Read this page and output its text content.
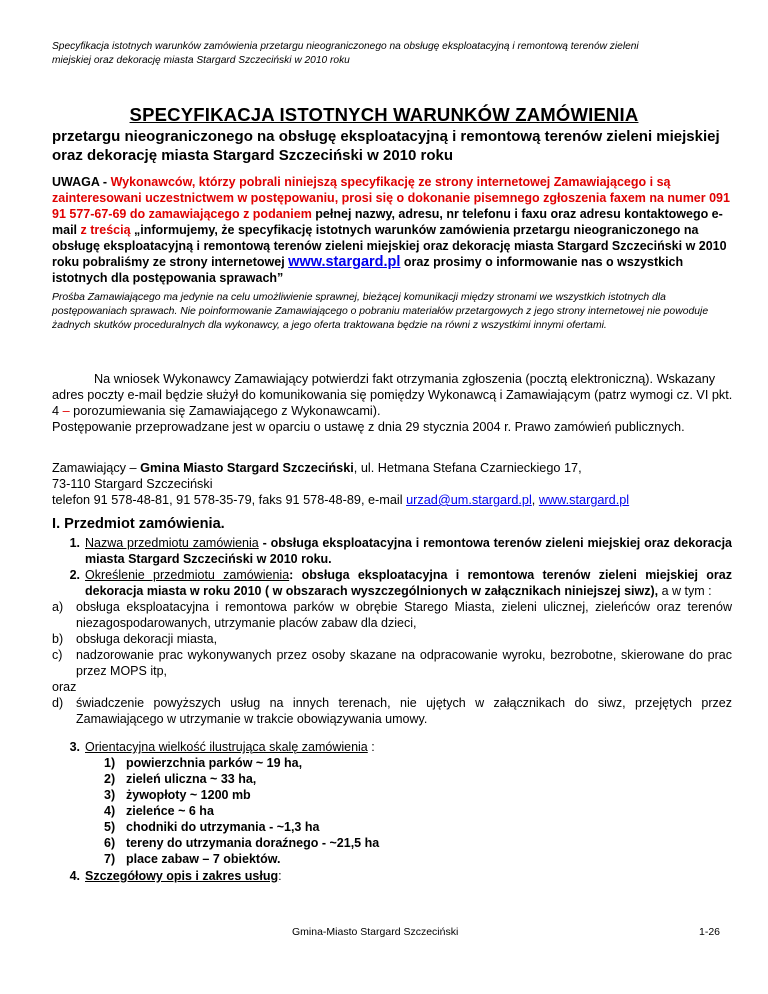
Specyfikacja istotnych warunków zamówienia przetargu nieograniczonego na obsługę eksploatacyjną i remontową terenów zieleni
miejskiej oraz dekorację miasta Stargard Szczeciński w 2010 roku
SPECYFIKACJA ISTOTNYCH WARUNKÓW ZAMÓWIENIA
przetargu nieograniczonego na obsługę eksploatacyjną i remontową terenów zieleni miejskiej oraz dekorację miasta Stargard Szczeciński w 2010 roku
UWAGA - Wykonawców, którzy pobrali niniejszą specyfikację ze strony internetowej Zamawiającego i są zainteresowani uczestnictwem w postępowaniu, prosi się o dokonanie pisemnego zgłoszenia faxem na numer 091 91 577-67-69 do zamawiającego z podaniem pełnej nazwy, adresu, nr telefonu i faxu oraz adresu kontaktowego e-mail z treścią „informujemy, że specyfikację istotnych warunków zamówienia przetargu nieograniczonego na obsługę eksploatacyjną i remontową terenów zieleni miejskiej oraz dekorację miasta Stargard Szczeciński w 2010 roku pobraliśmy ze strony internetowej www.stargard.pl oraz prosimy o informowanie nas o wszystkich istotnych dla postępowania sprawach”
Prośba Zamawiającego ma jedynie na celu umożliwienie sprawnej, bieżącej komunikacji między stronami we wszystkich istotnych dla postępowaniach sprawach. Nie poinformowanie Zamawiającego o pobraniu materiałów przetargowych z jego strony internetowej nie powoduje żadnych skutków proceduralnych dla wykonawcy, a jego oferta traktowana będzie na równi z wszystkimi innymi ofertami.
Na wniosek Wykonawcy Zamawiający potwierdzi fakt otrzymania zgłoszenia (pocztą elektroniczną). Wskazany adres poczty e-mail będzie służył do komunikowania się pomiędzy Wykonawcą i Zamawiającym (patrz wymogi cz. VI pkt. 4 – porozumiewania się Zamawiającego z Wykonawcami).
Postępowanie przeprowadzane jest w oparciu o ustawę z dnia 29 stycznia 2004 r. Prawo zamówień publicznych.
Zamawiający – Gmina Miasto Stargard Szczeciński, ul. Hetmana Stefana Czarnieckiego 17,
73-110 Stargard Szczeciński
telefon 91 578-48-81, 91 578-35-79, faks 91 578-48-89, e-mail urzad@um.stargard.pl, www.stargard.pl
I. Przedmiot zamówienia.
1. Nazwa przedmiotu zamówienia - obsługa eksploatacyjna i remontowa terenów zieleni miejskiej oraz dekoracja miasta Stargard Szczeciński w 2010 roku.
2. Określenie przedmiotu zamówienia: obsługa eksploatacyjna i remontowa terenów zieleni miejskiej oraz dekoracja miasta w roku 2010 ( w obszarach wyszczególnionych w załącznikach niniejszej siwz), a w tym :
a)	obsługa eksploatacyjna i remontowa parków w obrębie Starego Miasta, zieleni ulicznej, zieleńców oraz terenów niezagospodarowanych, utrzymanie placów zabaw dla dzieci,
b)	obsługa dekoracji miasta,
c)	nadzorowanie prac wykonywanych przez osoby skazane na odpracowanie wyroku, bezrobotne, skierowane do prac przez MOPS itp,
oraz
d)	świadczenie powyższych usług na innych terenach, nie ujętych w załącznikach do siwz, przejętych przez Zamawiającego w utrzymanie w trakcie obowiązywania umowy.
3. Orientacyjna wielkość ilustrująca skalę zamówienia :
1) powierzchnia parków ~ 19 ha,
2) zieleń uliczna ~ 33 ha,
3) żywopłoty ~ 1200 mb
4) zieleńce ~ 6 ha
5) chodniki do utrzymania - ~1,3 ha
6) tereny do utrzymania doraźnego - ~21,5 ha
7) place zabaw – 7 obiektów.
4. Szczegółowy opis i zakres usług:
Gmina-Miasto Stargard Szczeciński	1-26
